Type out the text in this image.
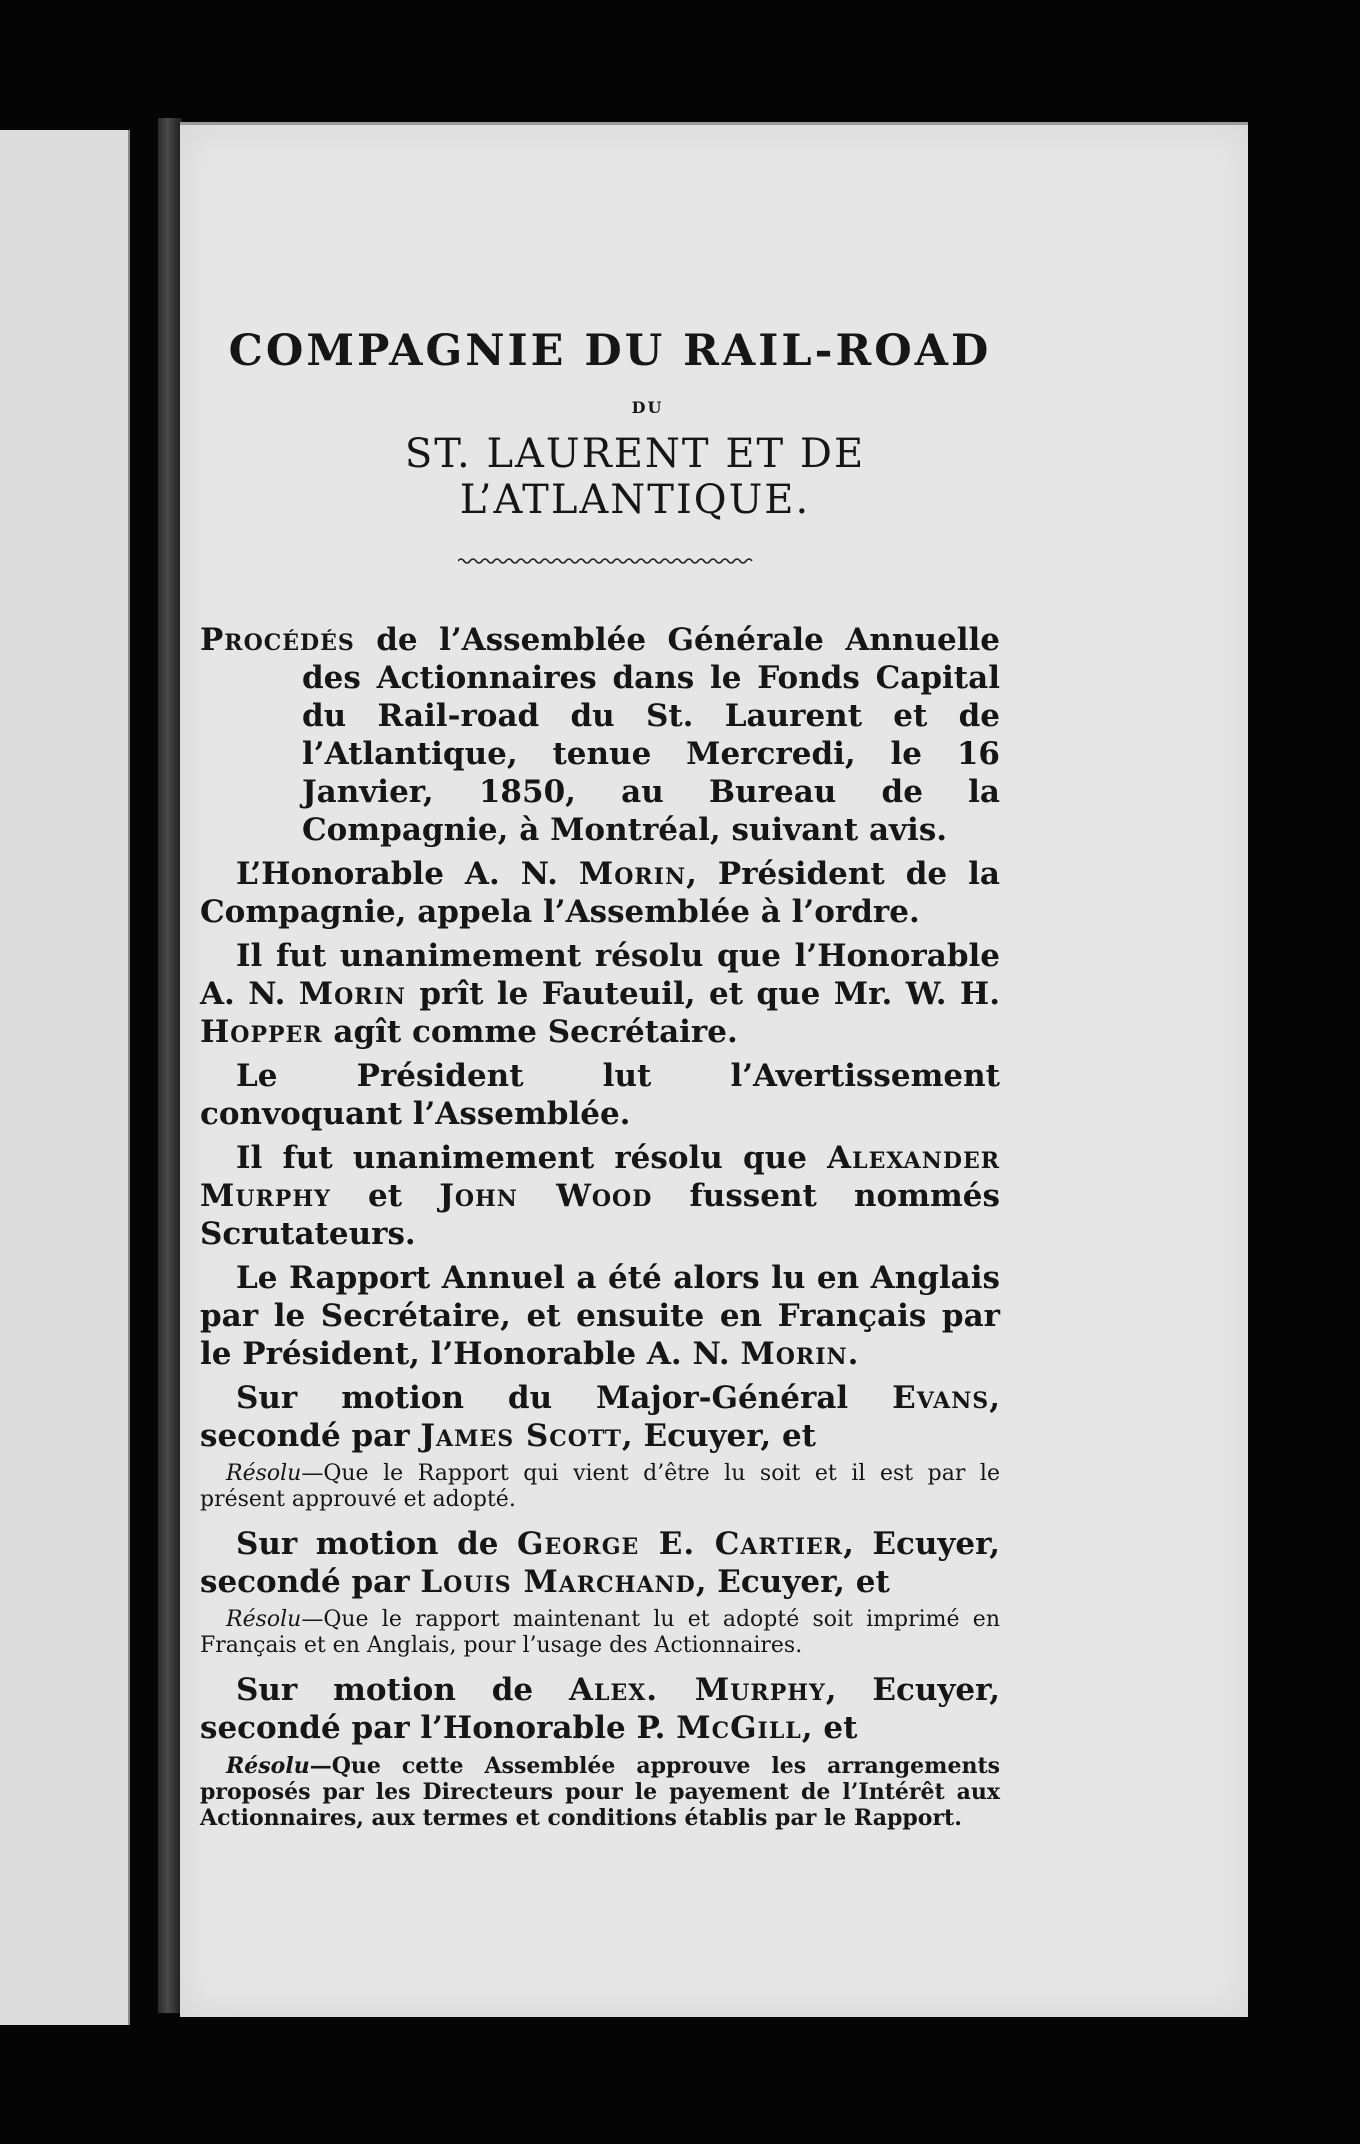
COMPAGNIE DU RAIL-ROAD
DU
ST. LAURENT ET DE L’ATLANTIQUE.

Procédés de l’Assemblée Générale Annuelle des Actionnaires dans le Fonds Capital du Rail-road du St. Laurent et de l’Atlantique, tenue Mercredi, le 16 Janvier, 1850, au Bureau de la Compagnie, à Montréal, suivant avis.

L’Honorable A. N. Morin, Président de la Compagnie, appela l’Assemblée à l’ordre.

Il fut unanimement résolu que l’Honorable A. N. Morin prît le Fauteuil, et que Mr. W. H. Hopper agît comme Secrétaire.

Le Président lut l’Avertissement convoquant l’Assemblée.

Il fut unanimement résolu que Alexander Murphy et John Wood fussent nommés Scrutateurs.

Le Rapport Annuel a été alors lu en Anglais par le Secrétaire, et ensuite en Français par le Président, l’Honorable A. N. Morin.

Sur motion du Major-Général Evans, secondé par James Scott, Ecuyer, et

Résolu—Que le Rapport qui vient d’être lu soit et il est par le présent approuvé et adopté.

Sur motion de George E. Cartier, Ecuyer, secondé par Louis Marchand, Ecuyer, et

Résolu—Que le rapport maintenant lu et adopté soit imprimé en Français et en Anglais, pour l’usage des Actionnaires.

Sur motion de Alex. Murphy, Ecuyer, secondé par l’Honorable P. McGill, et

Résolu—Que cette Assemblée approuve les arrangements proposés par les Directeurs pour le payement de l’Intérêt aux Actionnaires, aux termes et conditions établis par le Rapport.
